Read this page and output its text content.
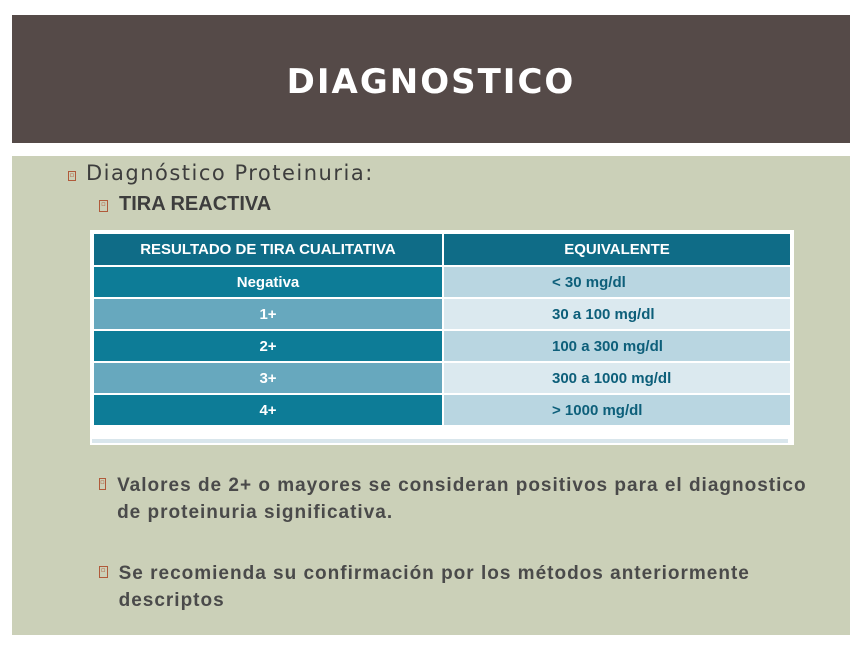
DIAGNOSTICO
▫ Diagnóstico Proteinuria:
▫ TIRA REACTIVA
▫ Valores de 2+ o mayores se consideran positivos para el diagnostico de proteinuria significativa.
▫ Se recomienda su confirmación por los métodos anteriormente descriptos
RESULTADO DE TIRA CUALITATIVA	EQUIVALENTE
Negativa	< 30 mg/dl
1+	30 a 100 mg/dl
2+	100 a 300 mg/dl
3+	300 a 1000 mg/dl
4+	> 1000 mg/dl
